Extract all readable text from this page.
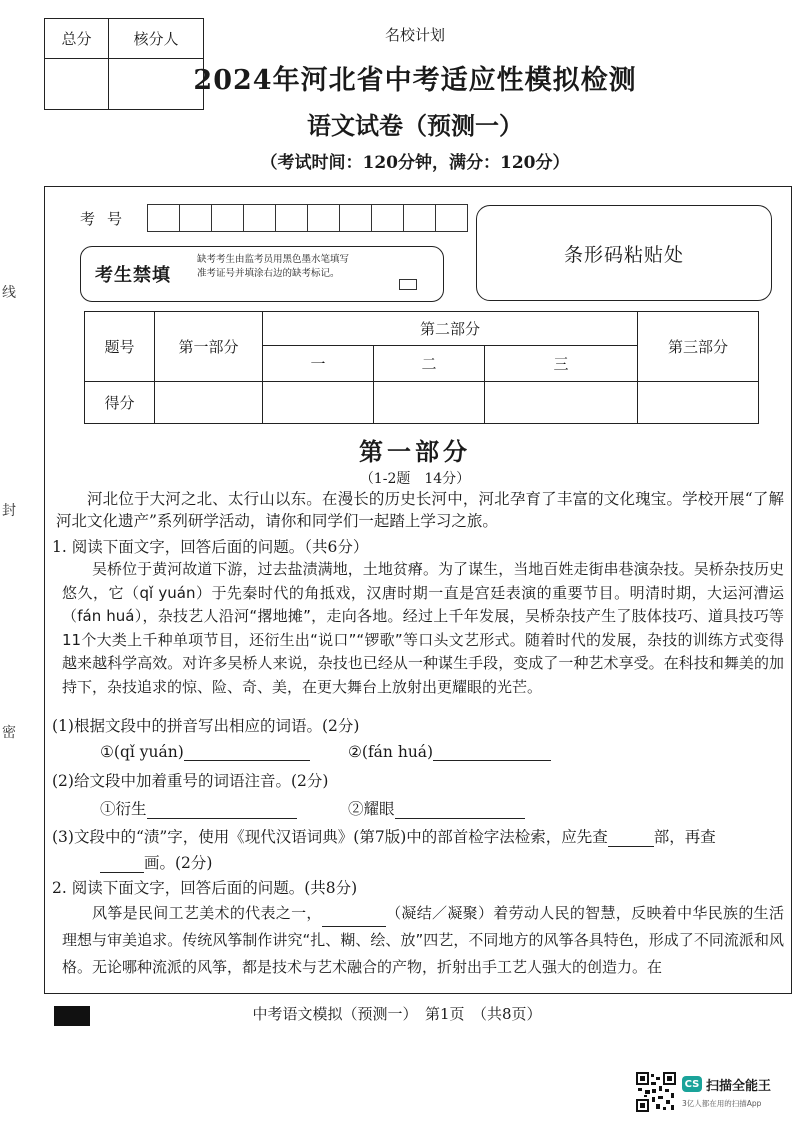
线
封
密
总分	核分人
		名校计划
2024年河北省中考适应性模拟检测
语文试卷（预测一）
（考试时间：120分钟，满分：120分）
考号
考生禁填
缺考考生由监考员用黑色墨水笔填写准考证号并填涂右边的缺考标记。
条形码粘贴处
题号	第一部分	第二部分			第三部分
		一	二	三	
得分					
第一部分
（1-2题　14分）
河北位于大河之北、太行山以东。在漫长的历史长河中，河北孕育了丰富的文化瑰宝。学校开展“了解河北文化遗产”系列研学活动，请你和同学们一起踏上学习之旅。
1. 阅读下面文字，回答后面的问题。（共6分）
吴桥位于黄河故道下游，过去盐渍满地，土地贫瘠。为了谋生，当地百姓走街串巷演杂技。吴桥杂技历史悠久，它（qǐ yuán）于先秦时代的角抵戏，汉唐时期一直是宫廷表演的重要节目。明清时期，大运河漕运（fán huá），杂技艺人沿河“撂地摊”，走向各地。经过上千年发展，吴桥杂技产生了肢体技巧、道具技巧等11个大类上千种单项节目，还衍生出“说口”“锣歌”等口头文艺形式。随着时代的发展，杂技的训练方式变得越来越科学高效。对许多吴桥人来说，杂技也已经从一种谋生手段，变成了一种艺术享受。在科技和舞美的加持下，杂技追求的惊、险、奇、美，在更大舞台上放射出更耀眼的光芒。
(1)根据文段中的拼音写出相应的词语。(2分)
①(qǐ yuán)	②(fán huá)
(2)给文段中加着重号的词语注音。(2分)
①衍生	②耀眼
(3)文段中的“渍”字，使用《现代汉语词典》(第7版)中的部首检字法检索，应先查	部，再查
画。(2分)
2. 阅读下面文字，回答后面的问题。(共8分)
风筝是民间工艺美术的代表之一，	（凝结／凝聚）着劳动人民的智慧，反映着中华民族的生活理想与审美追求。传统风筝制作讲究“扎、糊、绘、放”四艺，不同地方的风筝各具特色，形成了不同流派和风格。无论哪种流派的风筝，都是技术与艺术融合的产物，折射出手工艺人强大的创造力。在
中考语文模拟（预测一）　第1页　（共8页）
CS 扫描全能王
3亿人都在用的扫描App
